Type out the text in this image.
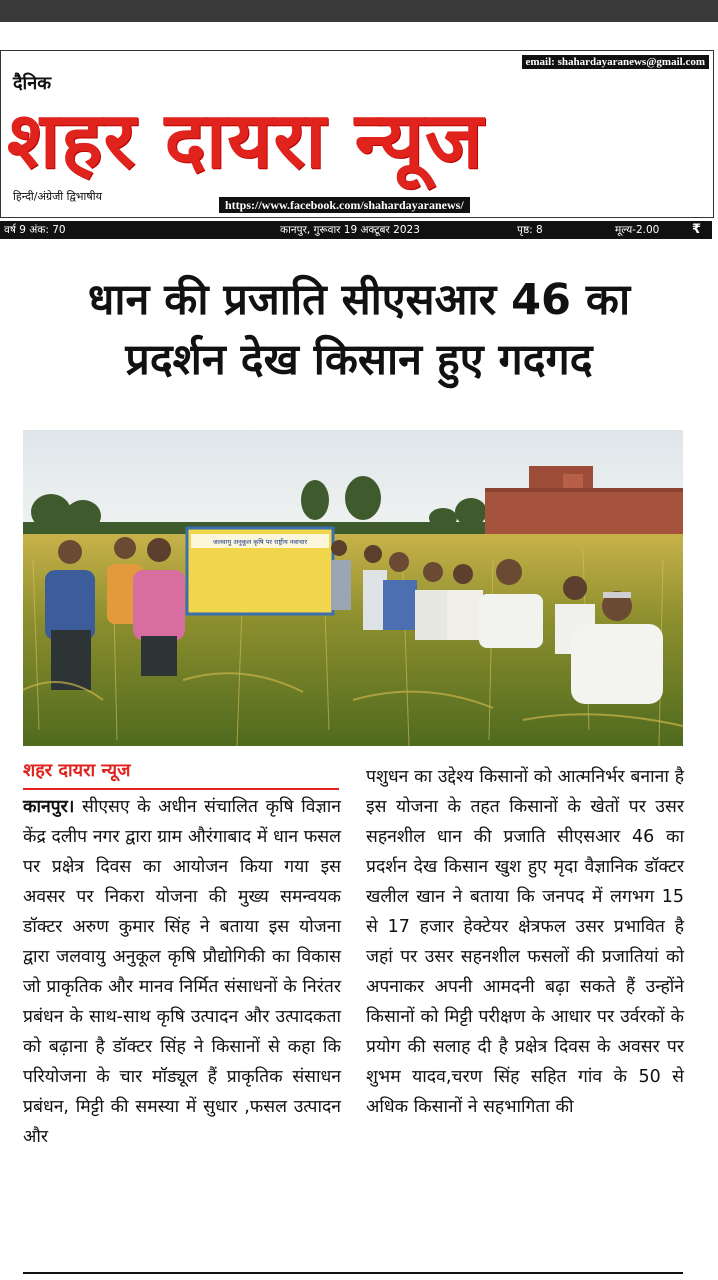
email: shahardayaranews@gmail.com
दैनिक
शहर दायरा न्यूज
हिन्दी/अंग्रेजी द्विभाषीय
https://www.facebook.com/shahardayaranews/
वर्ष 9 अंक: 70	कानपुर, गुरूवार 19 अक्टूबर 2023	पृष्ठ: 8	मूल्य-2.00	₹
धान की प्रजाति सीएसआर 46 का
प्रदर्शन देख किसान हुए गदगद
जलवायु अनुकूल कृषि पर राष्ट्रीय नवाचार

शहर दायरा न्यूज

कानपुर। सीएसए के अधीन संचालित कृषि विज्ञान केंद्र दलीप नगर द्वारा ग्राम औरंगाबाद में धान फसल पर प्रक्षेत्र दिवस का आयोजन किया गया इस अवसर पर निकरा योजना की मुख्य समन्वयक डॉक्टर अरुण कुमार सिंह ने बताया इस योजना द्वारा जलवायु अनुकूल कृषि प्रौद्योगिकी का विकास जो प्राकृतिक और मानव निर्मित संसाधनों के निरंतर प्रबंधन के साथ-साथ कृषि उत्पादन और उत्पादकता को बढ़ाना है डॉक्टर सिंह ने किसानों से कहा कि परियोजना के चार मॉड्यूल हैं प्राकृतिक संसाधन प्रबंधन, मिट्टी की समस्या में सुधार ,फसल उत्पादन और
पशुधन का उद्देश्य किसानों को आत्मनिर्भर बनाना है इस योजना के तहत किसानों के खेतों पर उसर सहनशील धान की प्रजाति सीएसआर 46 का प्रदर्शन देख किसान खुश हुए मृदा वैज्ञानिक डॉक्टर खलील खान ने बताया कि जनपद में लगभग 15 से 17 हजार हेक्टेयर क्षेत्रफल उसर प्रभावित है जहां पर उसर सहनशील फसलों की प्रजातियां को अपनाकर अपनी आमदनी बढ़ा सकते हैं उन्होंने किसानों को मिट्टी परीक्षण के आधार पर उर्वरकों के प्रयोग की सलाह दी है प्रक्षेत्र दिवस के अवसर पर शुभम यादव,चरण सिंह सहित गांव के 50 से अधिक किसानों ने सहभागिता की
